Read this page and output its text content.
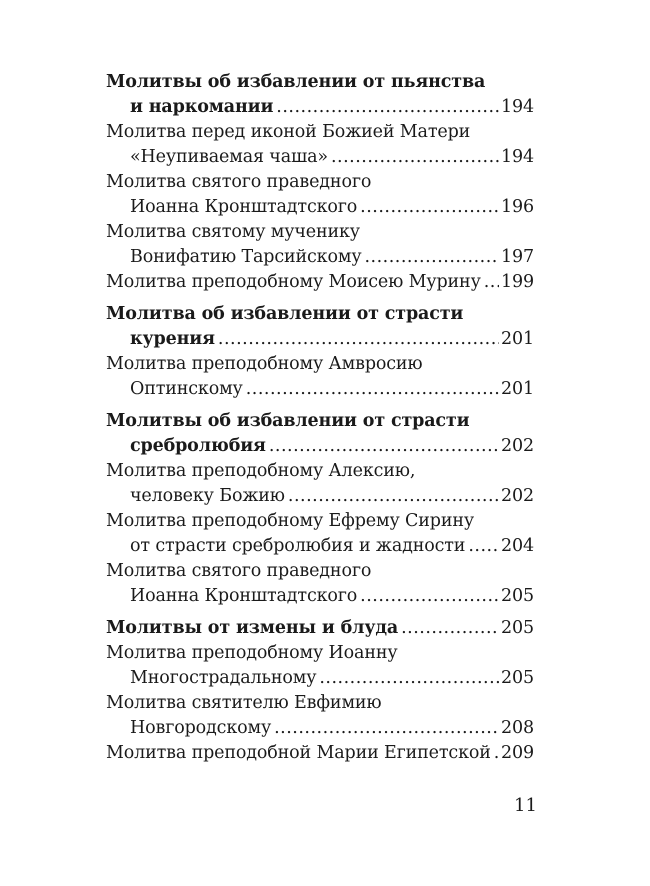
Молитвы об избавлении от пьянства
и наркомании .....	194
Молитва перед иконой Божией Матери
«Неупиваемая чаша» .....	194
Молитва святого праведного
Иоанна Кронштадтского .....	196
Молитва святому мученику
Вонифатию Тарсийскому .....	197
Молитва преподобному Моисею Мурину ..... 199
Молитва об избавлении от страсти
курения .....	201
Молитва преподобному Амвросию
Оптинскому .....	201
Молитвы об избавлении от страсти
сребролюбия .....	202
Молитва преподобному Алексию,
человеку Божию .....	202
Молитва преподобному Ефрему Сирину
от страсти сребролюбия и жадности ..... 204
Молитва святого праведного
Иоанна Кронштадтского .....	205
Молитвы от измены и блуда .....	205
Молитва преподобному Иоанну
Многострадальному .....	205
Молитва святителю Евфимию
Новгородскому .....	208
Молитва преподобной Марии Египетской ..... 209
11
